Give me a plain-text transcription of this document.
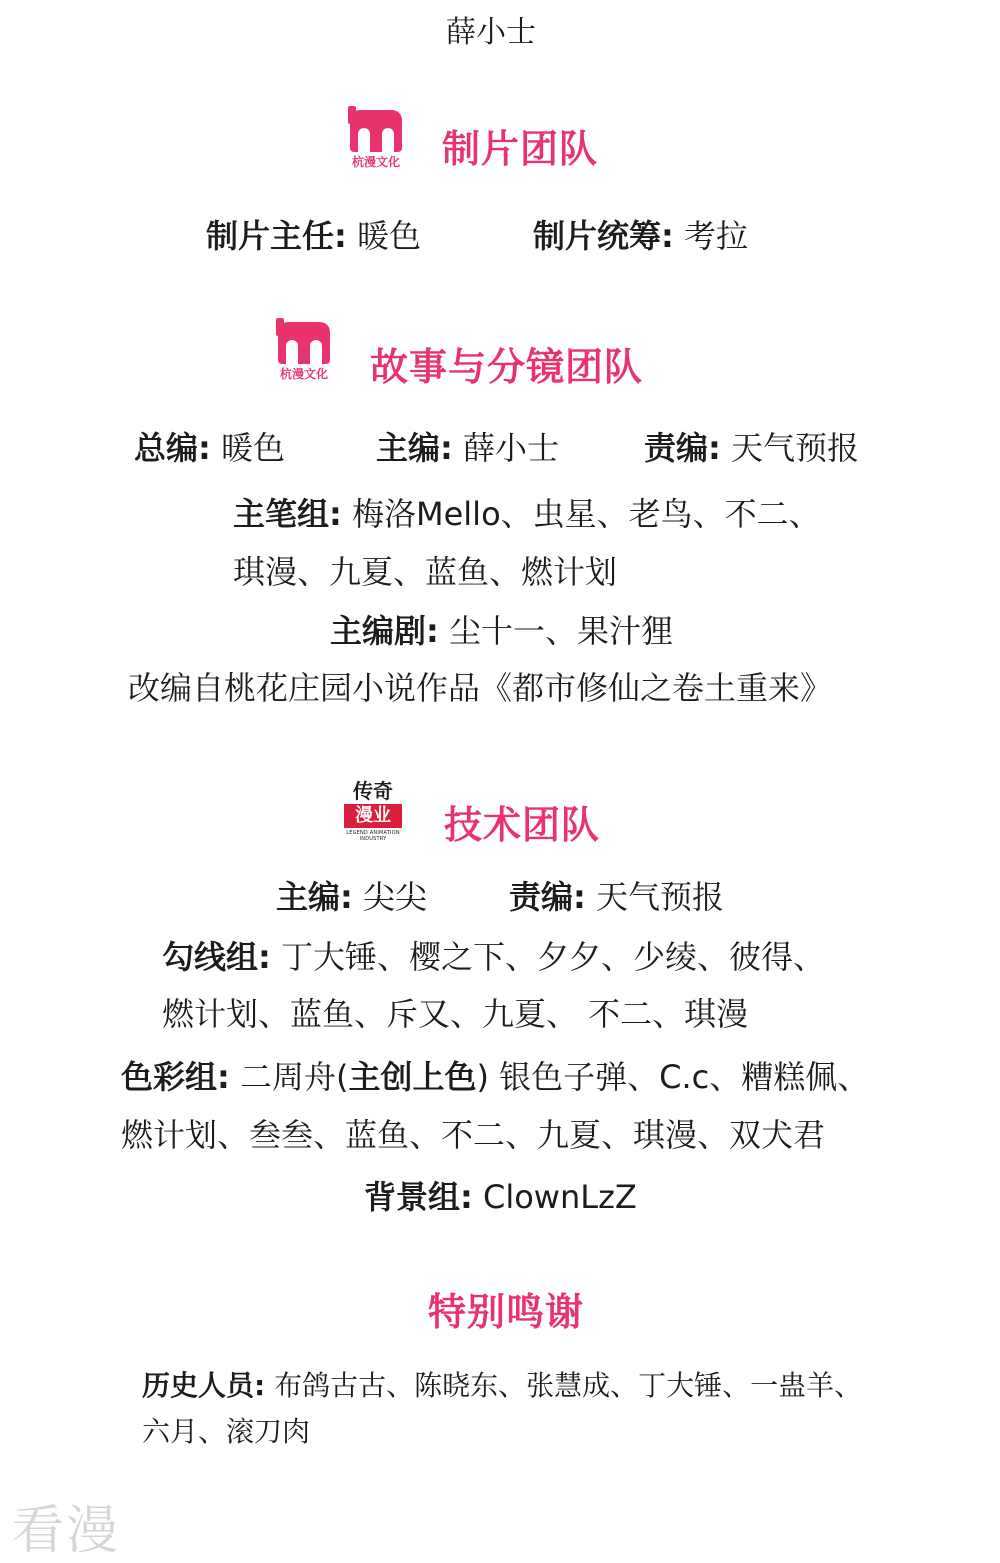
薛小士
杭漫文化 制片团队
制片主任: 暖色	制片统筹: 考拉
杭漫文化 故事与分镜团队
总编: 暖色	主编: 薛小士	责编: 天气预报
主笔组: 梅洛Mello、虫星、老鸟、不二、
琪漫、九夏、蓝鱼、燃计划
主编剧: 尘十一、果汁狸
改编自桃花庄园小说作品《都市修仙之卷土重来》
传奇
漫业
LEGEND ANIMATION INDUSTRY	技术团队
主编: 尖尖	责编: 天气预报
勾线组: 丁大锤、樱之下、夕夕、少绫、彼得、
燃计划、蓝鱼、斥又、九夏、 不二、琪漫
色彩组: 二周舟(主创上色) 银色子弹、C.c、糟糕佩、
燃计划、叁叁、蓝鱼、不二、九夏、琪漫、双犬君
背景组: ClownLzZ
特别鸣谢
历史人员: 布鸽古古、陈晓东、张慧成、丁大锤、一蛊羊、
六月、滚刀肉
看漫
